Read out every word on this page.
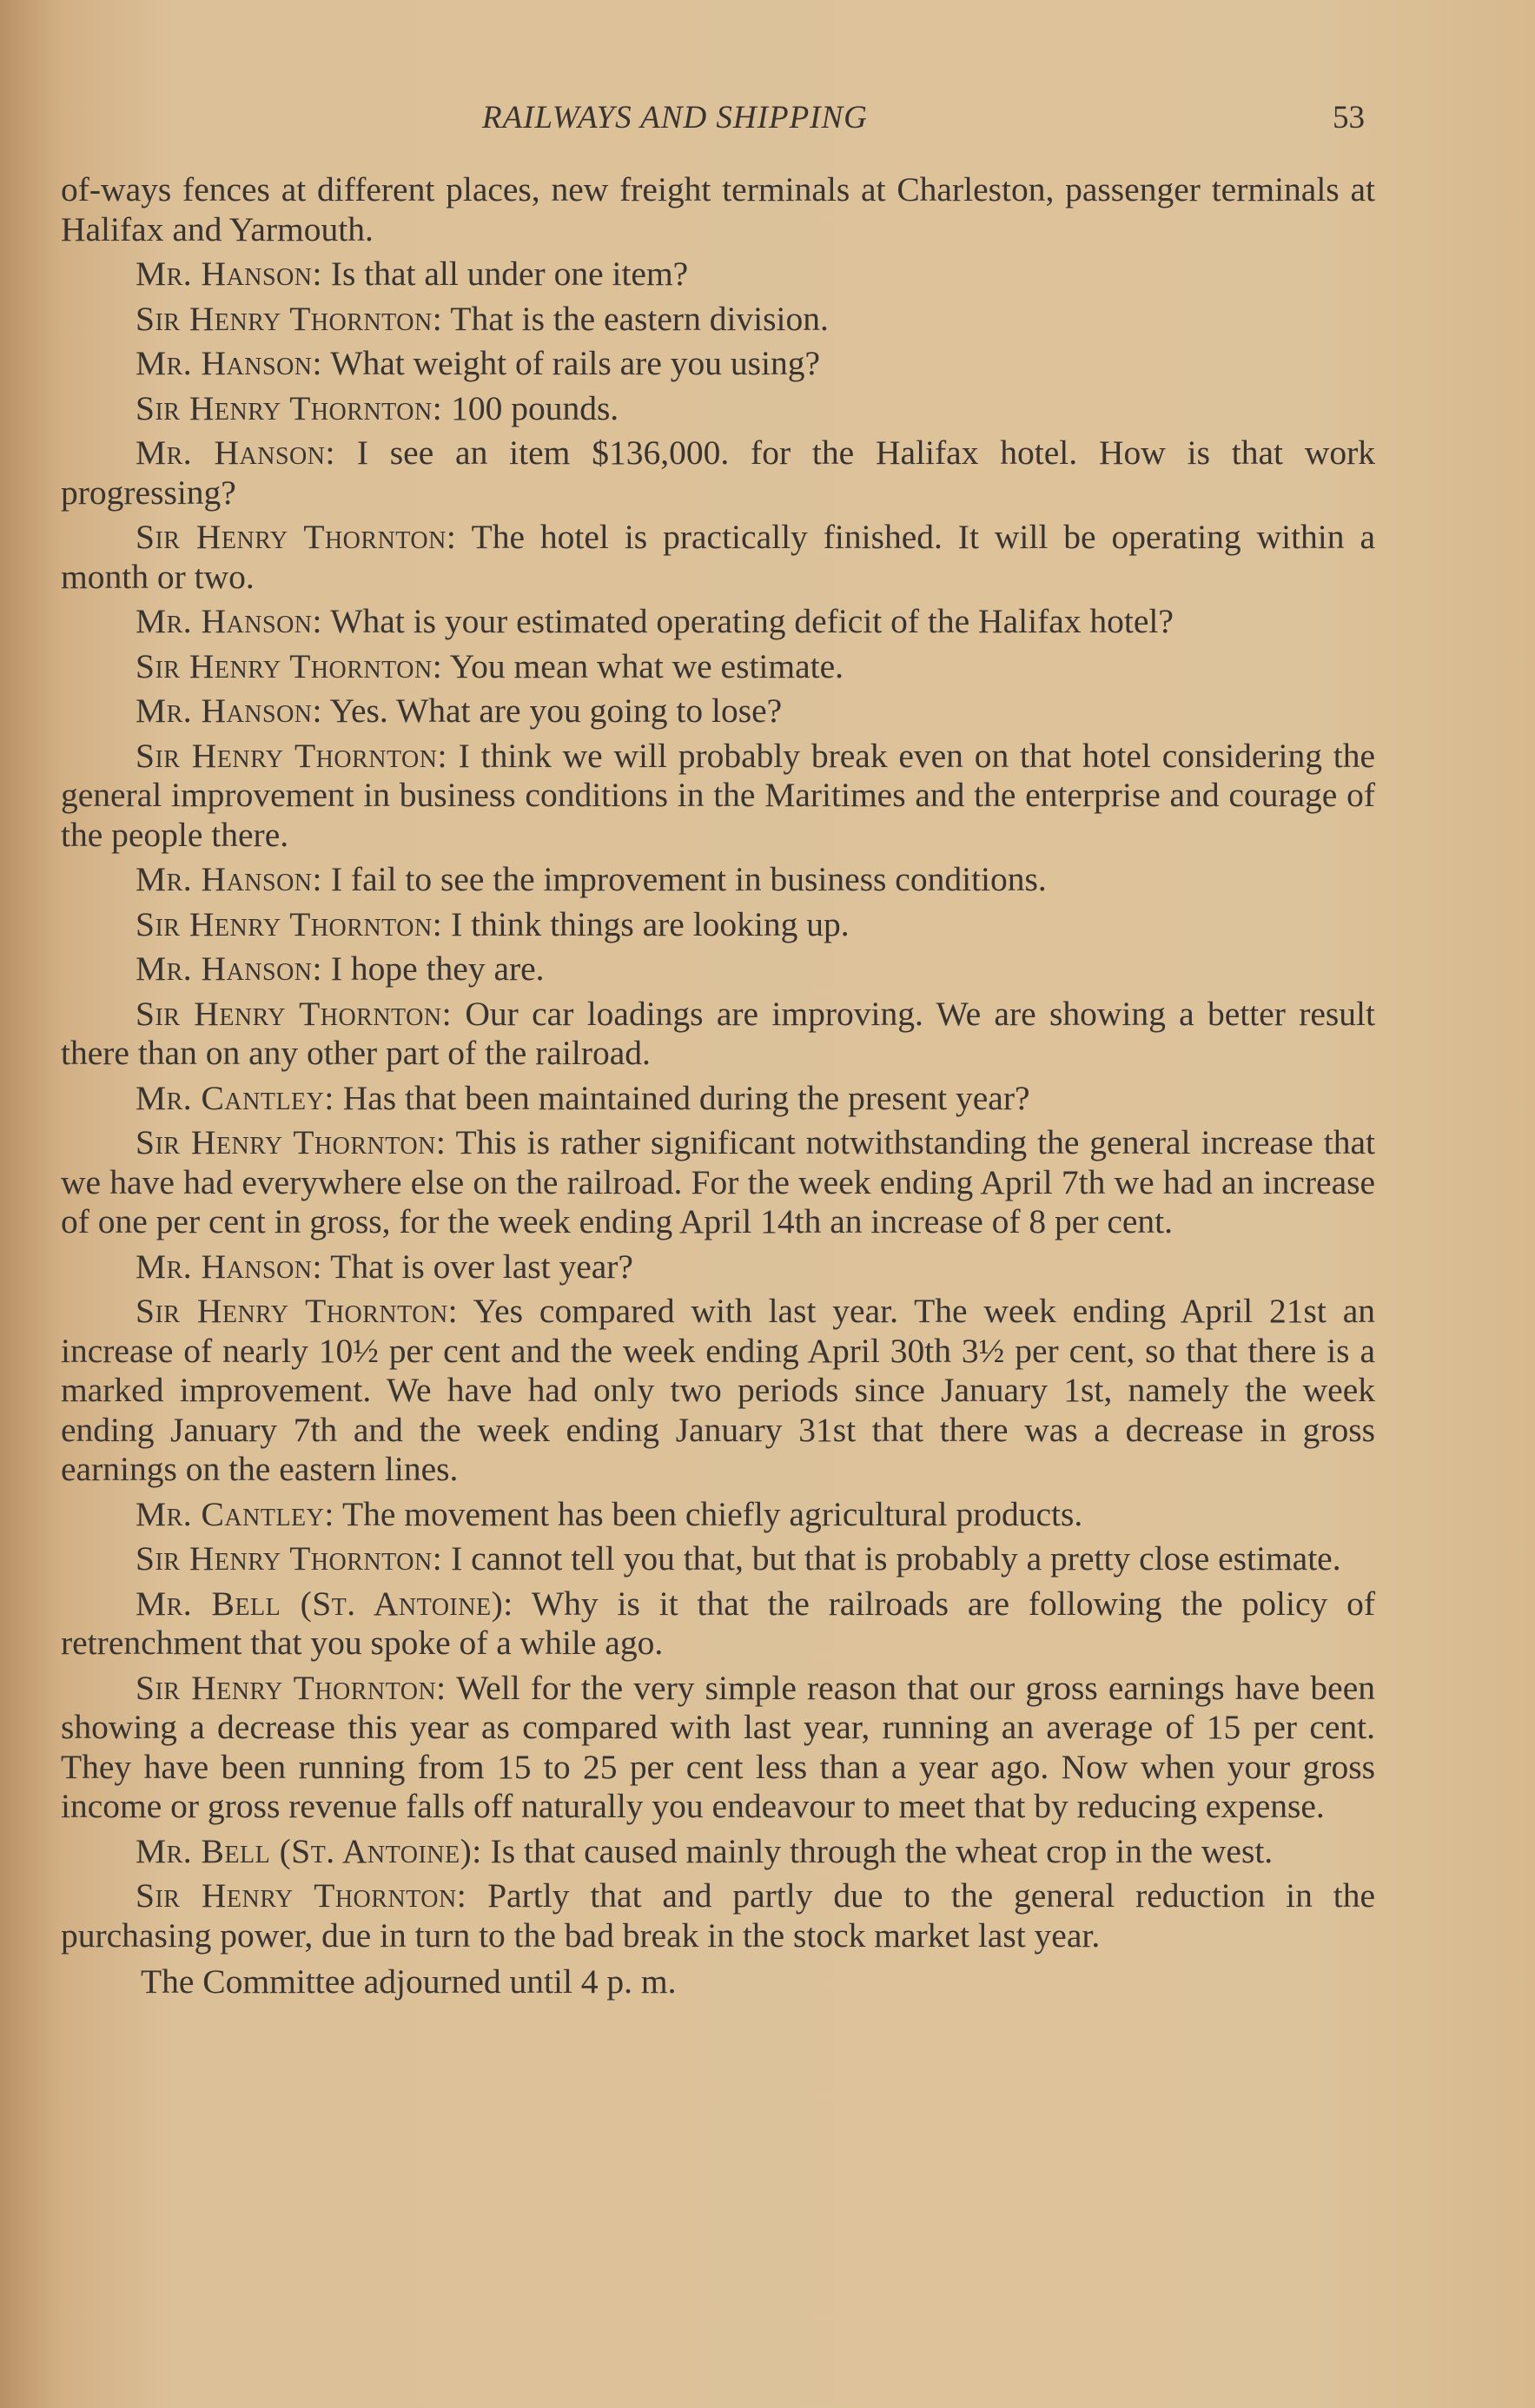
RAILWAYS AND SHIPPING	53

of-ways fences at different places, new freight terminals at Charleston, passenger terminals at Halifax and Yarmouth.

Mr. Hanson: Is that all under one item?

Sir Henry Thornton: That is the eastern division.

Mr. Hanson: What weight of rails are you using?

Sir Henry Thornton: 100 pounds.

Mr. Hanson: I see an item $136,000. for the Halifax hotel. How is that work progressing?

Sir Henry Thornton: The hotel is practically finished. It will be operating within a month or two.

Mr. Hanson: What is your estimated operating deficit of the Halifax hotel?

Sir Henry Thornton: You mean what we estimate.

Mr. Hanson: Yes. What are you going to lose?

Sir Henry Thornton: I think we will probably break even on that hotel considering the general improvement in business conditions in the Maritimes and the enterprise and courage of the people there.

Mr. Hanson: I fail to see the improvement in business conditions.

Sir Henry Thornton: I think things are looking up.

Mr. Hanson: I hope they are.

Sir Henry Thornton: Our car loadings are improving. We are showing a better result there than on any other part of the railroad.

Mr. Cantley: Has that been maintained during the present year?

Sir Henry Thornton: This is rather significant notwithstanding the general increase that we have had everywhere else on the railroad. For the week ending April 7th we had an increase of one per cent in gross, for the week ending April 14th an increase of 8 per cent.

Mr. Hanson: That is over last year?

Sir Henry Thornton: Yes compared with last year. The week ending April 21st an increase of nearly 10½ per cent and the week ending April 30th 3½ per cent, so that there is a marked improvement. We have had only two periods since January 1st, namely the week ending January 7th and the week ending January 31st that there was a decrease in gross earnings on the eastern lines.

Mr. Cantley: The movement has been chiefly agricultural products.

Sir Henry Thornton: I cannot tell you that, but that is probably a pretty close estimate.

Mr. Bell (St. Antoine): Why is it that the railroads are following the policy of retrenchment that you spoke of a while ago.

Sir Henry Thornton: Well for the very simple reason that our gross earnings have been showing a decrease this year as compared with last year, running an average of 15 per cent. They have been running from 15 to 25 per cent less than a year ago. Now when your gross income or gross revenue falls off naturally you endeavour to meet that by reducing expense.

Mr. Bell (St. Antoine): Is that caused mainly through the wheat crop in the west.

Sir Henry Thornton: Partly that and partly due to the general reduction in the purchasing power, due in turn to the bad break in the stock market last year.

The Committee adjourned until 4 p. m.
